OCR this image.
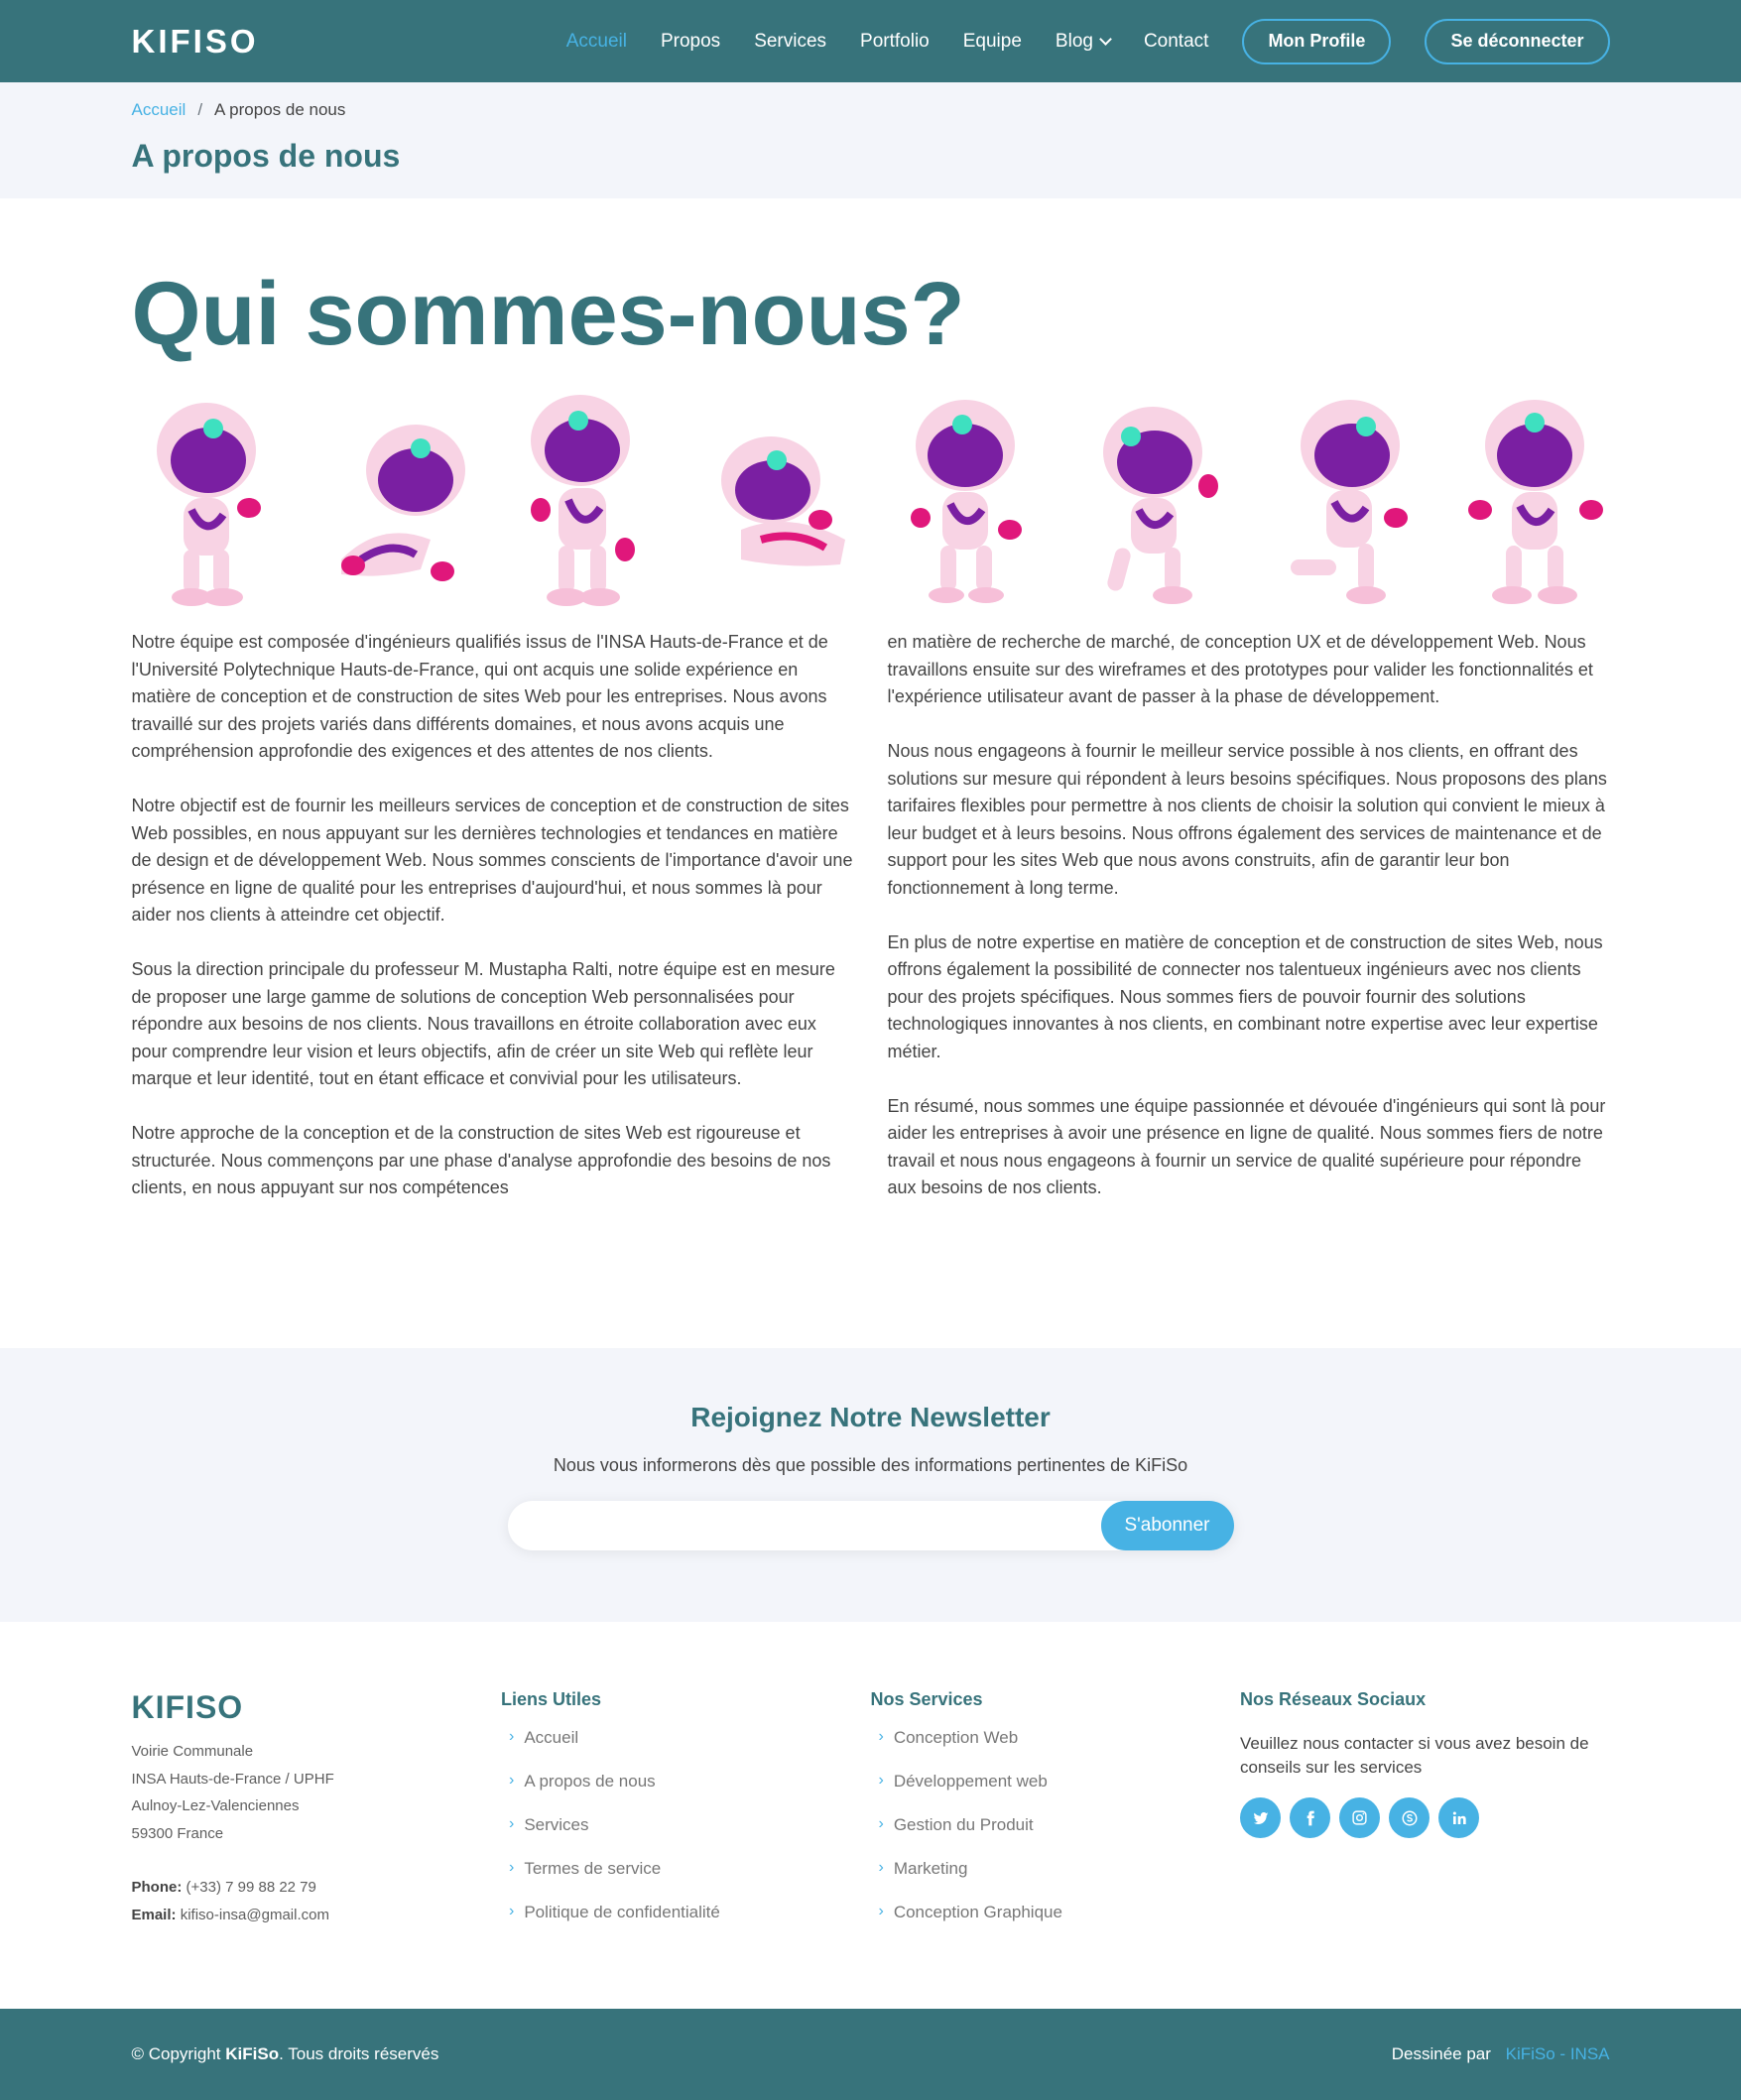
KIFISO	Accueil Propos Services Portfolio Equipe Blog	Contact	Mon Profile	Se déconnecter
Accueil / A propos de nous
A propos de nous
Qui sommes-nous?

Notre équipe est composée d'ingénieurs qualifiés issus de l'INSA Hauts-de-France et de l'Université Polytechnique Hauts-de-France, qui ont acquis une solide expérience en matière de conception et de construction de sites Web pour les entreprises. Nous avons travaillé sur des projets variés dans différents domaines, et nous avons acquis une compréhension approfondie des exigences et des attentes de nos clients.

Notre objectif est de fournir les meilleurs services de conception et de construction de sites Web possibles, en nous appuyant sur les dernières technologies et tendances en matière de design et de développement Web. Nous sommes conscients de l'importance d'avoir une présence en ligne de qualité pour les entreprises d'aujourd'hui, et nous sommes là pour aider nos clients à atteindre cet objectif.

Sous la direction principale du professeur M. Mustapha Ralti, notre équipe est en mesure de proposer une large gamme de solutions de conception Web personnalisées pour répondre aux besoins de nos clients. Nous travaillons en étroite collaboration avec eux pour comprendre leur vision et leurs objectifs, afin de créer un site Web qui reflète leur marque et leur identité, tout en étant efficace et convivial pour les utilisateurs.

Notre approche de la conception et de la construction de sites Web est rigoureuse et structurée. Nous commençons par une phase d'analyse approfondie des besoins de nos clients, en nous appuyant sur nos compétences

en matière de recherche de marché, de conception UX et de développement Web. Nous travaillons ensuite sur des wireframes et des prototypes pour valider les fonctionnalités et l'expérience utilisateur avant de passer à la phase de développement.

Nous nous engageons à fournir le meilleur service possible à nos clients, en offrant des solutions sur mesure qui répondent à leurs besoins spécifiques. Nous proposons des plans tarifaires flexibles pour permettre à nos clients de choisir la solution qui convient le mieux à leur budget et à leurs besoins. Nous offrons également des services de maintenance et de support pour les sites Web que nous avons construits, afin de garantir leur bon fonctionnement à long terme.

En plus de notre expertise en matière de conception et de construction de sites Web, nous offrons également la possibilité de connecter nos talentueux ingénieurs avec nos clients pour des projets spécifiques. Nous sommes fiers de pouvoir fournir des solutions technologiques innovantes à nos clients, en combinant notre expertise avec leur expertise métier.

En résumé, nous sommes une équipe passionnée et dévouée d'ingénieurs qui sont là pour aider les entreprises à avoir une présence en ligne de qualité. Nous sommes fiers de notre travail et nous nous engageons à fournir un service de qualité supérieure pour répondre aux besoins de nos clients.

Rejoignez Notre Newsletter

Nous vous informerons dès que possible des informations pertinentes de KiFiSo

S'abonner
KIFISO
Voirie Communale
INSA Hauts-de-France / UPHF
Aulnoy-Lez-Valenciennes
59300 France
Phone: (+33) 7 99 88 22 79
Email: kifiso-insa@gmail.com
Liens Utiles
› Accueil
› A propos de nous
› Services
› Termes de service
› Politique de confidentialité
Nos Services
› Conception Web
› Développement web
› Gestion du Produit
› Marketing
› Conception Graphique
Nos Réseaux Sociaux

Veuillez nous contacter si vous avez besoin de conseils sur les services

© Copyright KiFiSo. Tous droits réservés	Dessinée par KiFiSo - INSA
